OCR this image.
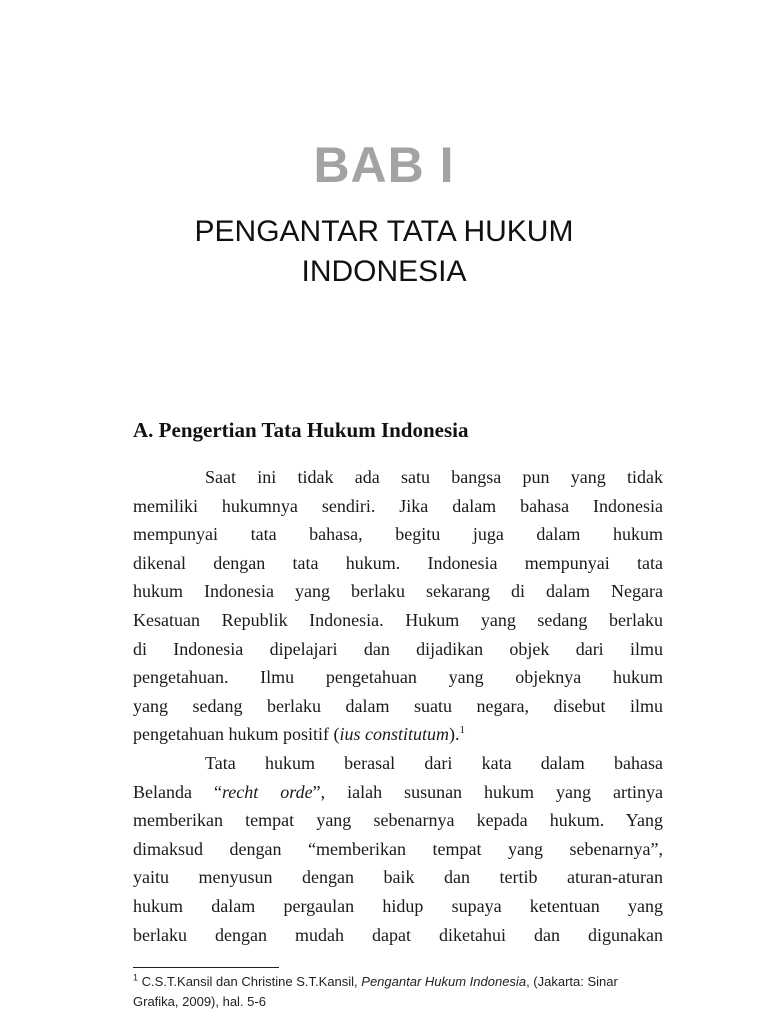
BAB I
PENGANTAR TATA HUKUM
INDONESIA
A. Pengertian Tata Hukum Indonesia
Saat ini tidak ada satu bangsa pun yang tidak
memiliki hukumnya sendiri. Jika dalam bahasa Indonesia
mempunyai tata bahasa, begitu juga dalam hukum
dikenal dengan tata hukum. Indonesia mempunyai tata
hukum Indonesia yang berlaku sekarang di dalam Negara
Kesatuan Republik Indonesia. Hukum yang sedang berlaku
di Indonesia dipelajari dan dijadikan objek dari ilmu
pengetahuan. Ilmu pengetahuan yang objeknya hukum
yang sedang berlaku dalam suatu negara, disebut ilmu
pengetahuan hukum positif (ius constitutum).$^1$
Tata hukum berasal dari kata dalam bahasa
Belanda “recht orde”, ialah susunan hukum yang artinya
memberikan tempat yang sebenarnya kepada hukum. Yang
dimaksud dengan “memberikan tempat yang sebenarnya”,
yaitu menyusun dengan baik dan tertib aturan-aturan
hukum dalam pergaulan hidup supaya ketentuan yang
berlaku dengan mudah dapat diketahui dan digunakan
$^1$ C.S.T.Kansil dan Christine S.T.Kansil, Pengantar Hukum Indonesia, (Jakarta: Sinar
Grafika, 2009), hal. 5-6
